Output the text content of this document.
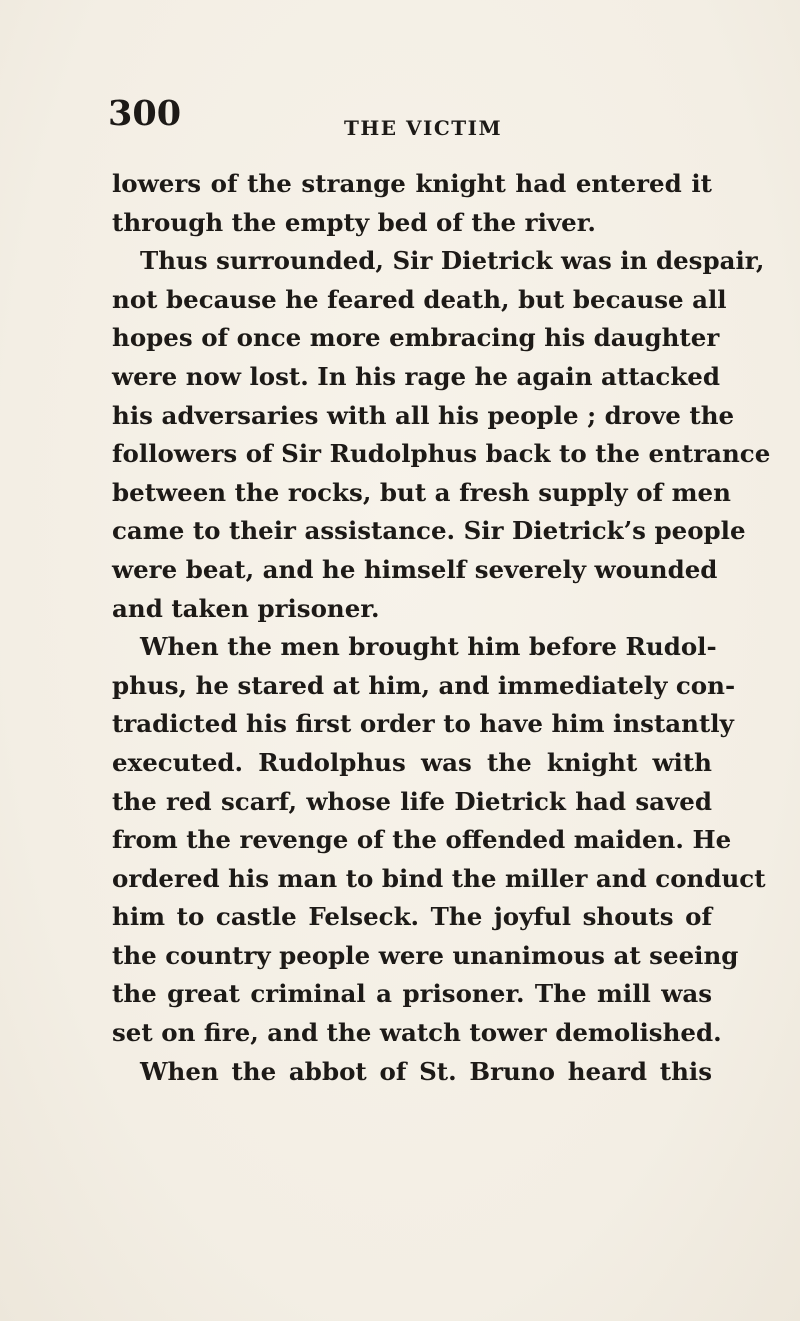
300	THE VICTIM
lowers of the strange knight had entered it
through the empty bed of the river.
Thus surrounded, Sir Dietrick was in despair,
not because he feared death, but because all
hopes of once more embracing his daughter
were now lost. In his rage he again attacked
his adversaries with all his people ; drove the
followers of Sir Rudolphus back to the entrance
between the rocks, but a fresh supply of men
came to their assistance. Sir Dietrick’s people
were beat, and he himself severely wounded
and taken prisoner.
When the men brought him before Rudol-
phus, he stared at him, and immediately con-
tradicted his first order to have him instantly
executed. Rudolphus was the knight with
the red scarf, whose life Dietrick had saved
from the revenge of the offended maiden. He
ordered his man to bind the miller and conduct
him to castle Felseck. The joyful shouts of
the country people were unanimous at seeing
the great criminal a prisoner. The mill was
set on fire, and the watch tower demolished.
When the abbot of St. Bruno heard this
